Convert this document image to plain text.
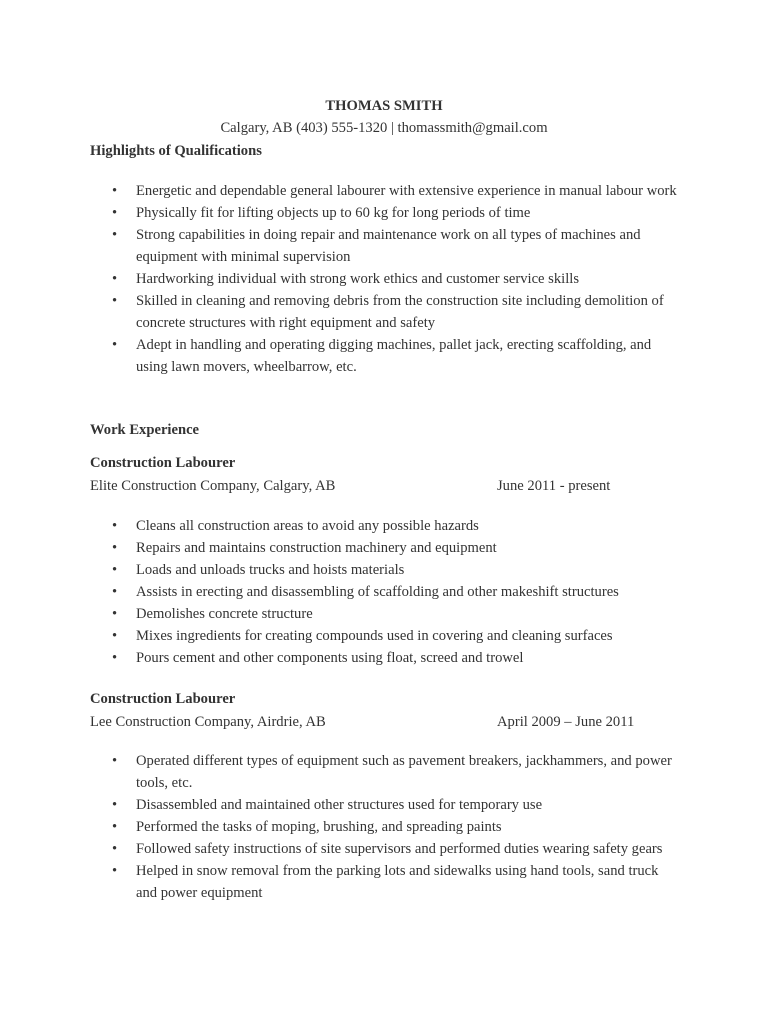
THOMAS SMITH

Calgary, AB (403) 555-1320 | thomassmith@gmail.com

Highlights of Qualifications

• Energetic and dependable general labourer with extensive experience in manual labour work
• Physically fit for lifting objects up to 60 kg for long periods of time
• Strong capabilities in doing repair and maintenance work on all types of machines and equipment with minimal supervision
• Hardworking individual with strong work ethics and customer service skills
• Skilled in cleaning and removing debris from the construction site including demolition of concrete structures with right equipment and safety
• Adept in handling and operating digging machines, pallet jack, erecting scaffolding, and using lawn movers, wheelbarrow, etc.

Work Experience

Construction Labourer

Elite Construction Company, Calgary, AB	June 2011 - present
• Cleans all construction areas to avoid any possible hazards
• Repairs and maintains construction machinery and equipment
• Loads and unloads trucks and hoists materials
• Assists in erecting and disassembling of scaffolding and other makeshift structures
• Demolishes concrete structure
• Mixes ingredients for creating compounds used in covering and cleaning surfaces
• Pours cement and other components using float, screed and trowel

Construction Labourer

Lee Construction Company, Airdrie, AB	April 2009 – June 2011
• Operated different types of equipment such as pavement breakers, jackhammers, and power tools, etc.
• Disassembled and maintained other structures used for temporary use
• Performed the tasks of moping, brushing, and spreading paints
• Followed safety instructions of site supervisors and performed duties wearing safety gears
• Helped in snow removal from the parking lots and sidewalks using hand tools, sand truck and power equipment
